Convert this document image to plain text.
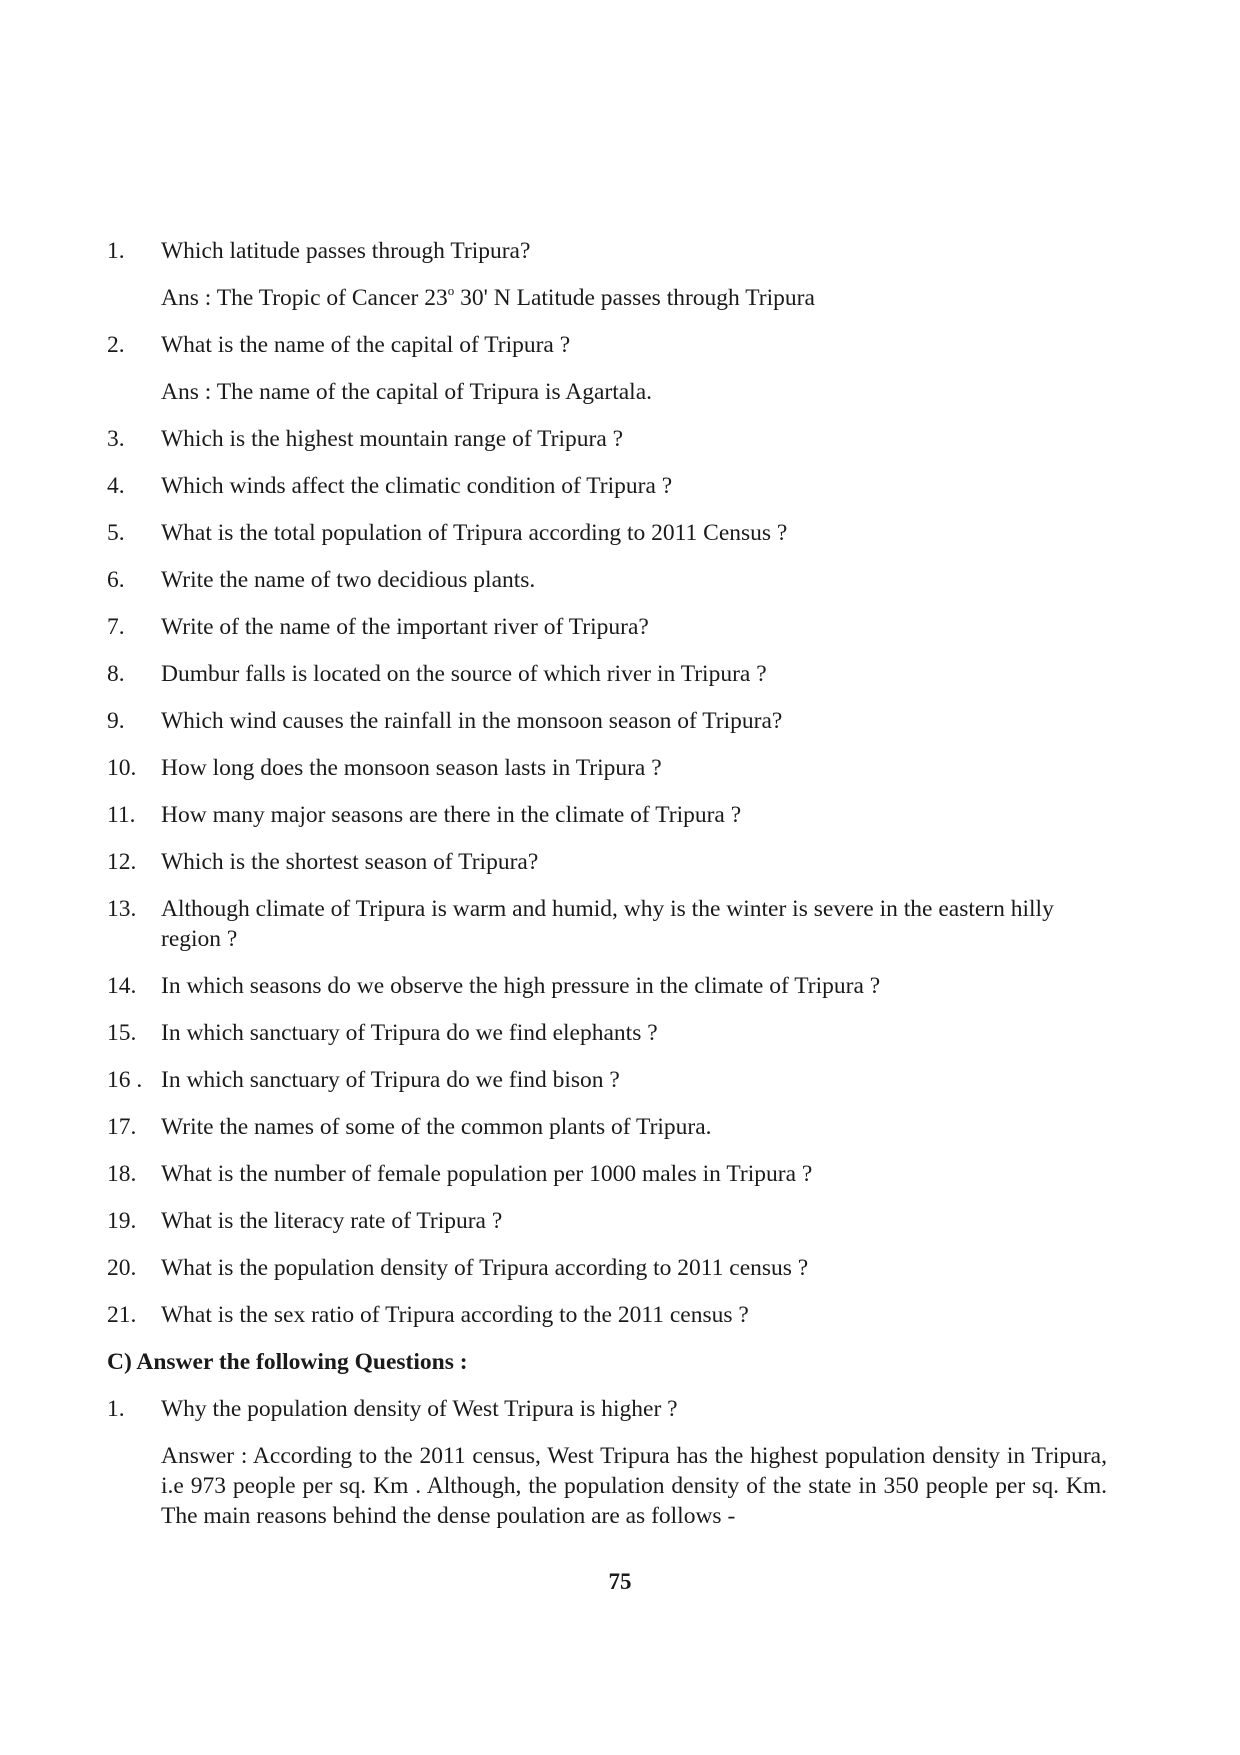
1.	Which latitude passes through Tripura?
Ans : The Tropic of Cancer 23$^o$ 30' N Latitude passes through Tripura
2.	What is the name of the capital of Tripura ?
Ans : The name of the capital of Tripura is Agartala.
3.	Which is the highest mountain range of Tripura ?
4.	Which winds affect the climatic condition of Tripura ?
5.	What is the total population of Tripura according to 2011 Census ?
6.	Write the name of two decidious plants.
7.	Write of the name of the important river of Tripura?
8.	Dumbur falls is located on the source of which river in Tripura ?
9.	Which wind causes the rainfall in the monsoon season of Tripura?
10.	How long does the monsoon season lasts in Tripura ?
11.	How many major seasons are there in the climate of Tripura ?
12.	Which is the shortest season of Tripura?
13.	Although climate of Tripura is warm and humid, why is the winter is severe in the eastern hilly region ?
14.	In which seasons do we observe the high pressure in the climate of Tripura ?
15.	In which sanctuary of Tripura do we find elephants ?
16 . In which sanctuary of Tripura do we find bison ?
17.	Write the names of some of the common plants of Tripura.
18.	What is the number of female population per 1000 males in Tripura ?
19.	What is the literacy rate of Tripura ?
20.	What is the population density of Tripura according to 2011 census ?
21.	What is the sex ratio of Tripura according to the 2011 census ?
C) Answer the following Questions :
1.	Why the population density of West Tripura is higher ?
Answer : According to the 2011 census, West Tripura has the highest population density in Tripura, i.e 973 people per sq. Km . Although, the population density of the state in 350 people per sq. Km. The main reasons behind the dense poulation are as follows -
75
